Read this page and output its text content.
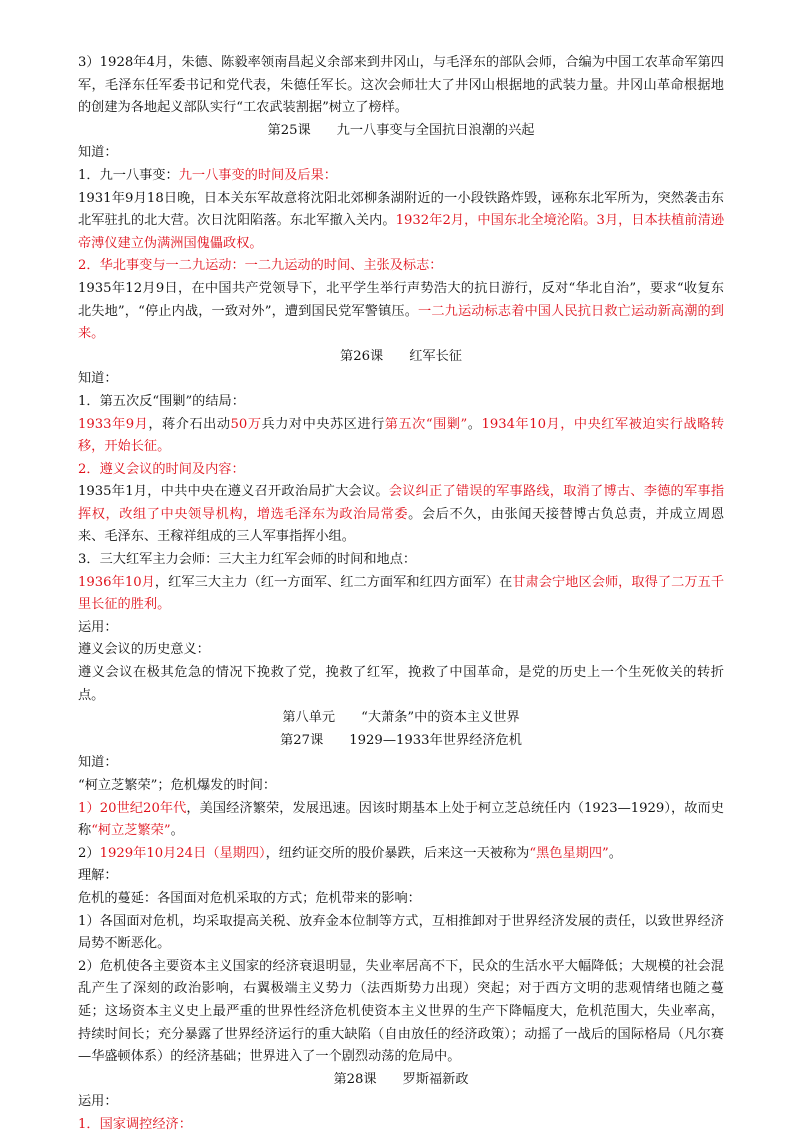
3）1928年4月，朱德、陈毅率领南昌起义余部来到井冈山，与毛泽东的部队会师，合编为中国工农革命军第四军，毛泽东任军委书记和党代表，朱德任军长。这次会师壮大了井冈山根据地的武装力量。井冈山革命根据地的创建为各地起义部队实行“工农武装割据”树立了榜样。

第25课 九一八事变与全国抗日浪潮的兴起

知道：

1．九一八事变：九一八事变的时间及后果：

1931年9月18日晚，日本关东军故意将沈阳北郊柳条湖附近的一小段铁路炸毁，诬称东北军所为，突然袭击东北军驻扎的北大营。次日沈阳陷落。东北军撤入关内。1932年2月，中国东北全境沦陷。3月，日本扶植前清逊帝溥仪建立伪满洲国傀儡政权。

2．华北事变与一二九运动：一二九运动的时间、主张及标志：

1935年12月9日，在中国共产党领导下，北平学生举行声势浩大的抗日游行，反对“华北自治”，要求“收复东北失地”，“停止内战，一致对外”，遭到国民党军警镇压。一二九运动标志着中国人民抗日救亡运动新高潮的到来。

第26课 红军长征

知道：

1．第五次反“围剿”的结局：

1933年9月，蒋介石出动50万兵力对中央苏区进行第五次“围剿”。1934年10月，中央红军被迫实行战略转移，开始长征。

2．遵义会议的时间及内容：

1935年1月，中共中央在遵义召开政治局扩大会议。会议纠正了错误的军事路线，取消了博古、李德的军事指挥权，改组了中央领导机构，增选毛泽东为政治局常委。会后不久，由张闻天接替博古负总责，并成立周恩来、毛泽东、王稼祥组成的三人军事指挥小组。

3．三大红军主力会师：三大主力红军会师的时间和地点：

1936年10月，红军三大主力（红一方面军、红二方面军和红四方面军）在甘肃会宁地区会师，取得了二万五千里长征的胜利。

运用：

遵义会议的历史意义：

遵义会议在极其危急的情况下挽救了党，挽救了红军，挽救了中国革命，是党的历史上一个生死攸关的转折点。

第八单元 “大萧条”中的资本主义世界

第27课 1929—1933年世界经济危机

知道：

“柯立芝繁荣”；危机爆发的时间：

1）20世纪20年代，美国经济繁荣，发展迅速。因该时期基本上处于柯立芝总统任内（1923—1929），故而史称“柯立芝繁荣”。

2）1929年10月24日（星期四），纽约证交所的股价暴跌，后来这一天被称为“黑色星期四”。

理解：

危机的蔓延：各国面对危机采取的方式；危机带来的影响：

1）各国面对危机，均采取提高关税、放弃金本位制等方式，互相推卸对于世界经济发展的责任，以致世界经济局势不断恶化。

2）危机使各主要资本主义国家的经济衰退明显，失业率居高不下，民众的生活水平大幅降低；大规模的社会混乱产生了深刻的政治影响，右翼极端主义势力（法西斯势力出现）突起；对于西方文明的悲观情绪也随之蔓延；这场资本主义史上最严重的世界性经济危机使资本主义世界的生产下降幅度大，危机范围大，失业率高，持续时间长；充分暴露了世界经济运行的重大缺陷（自由放任的经济政策）；动摇了一战后的国际格局（凡尔赛—华盛顿体系）的经济基础；世界进入了一个剧烈动荡的危局中。

第28课 罗斯福新政

运用：

1．国家调控经济：
